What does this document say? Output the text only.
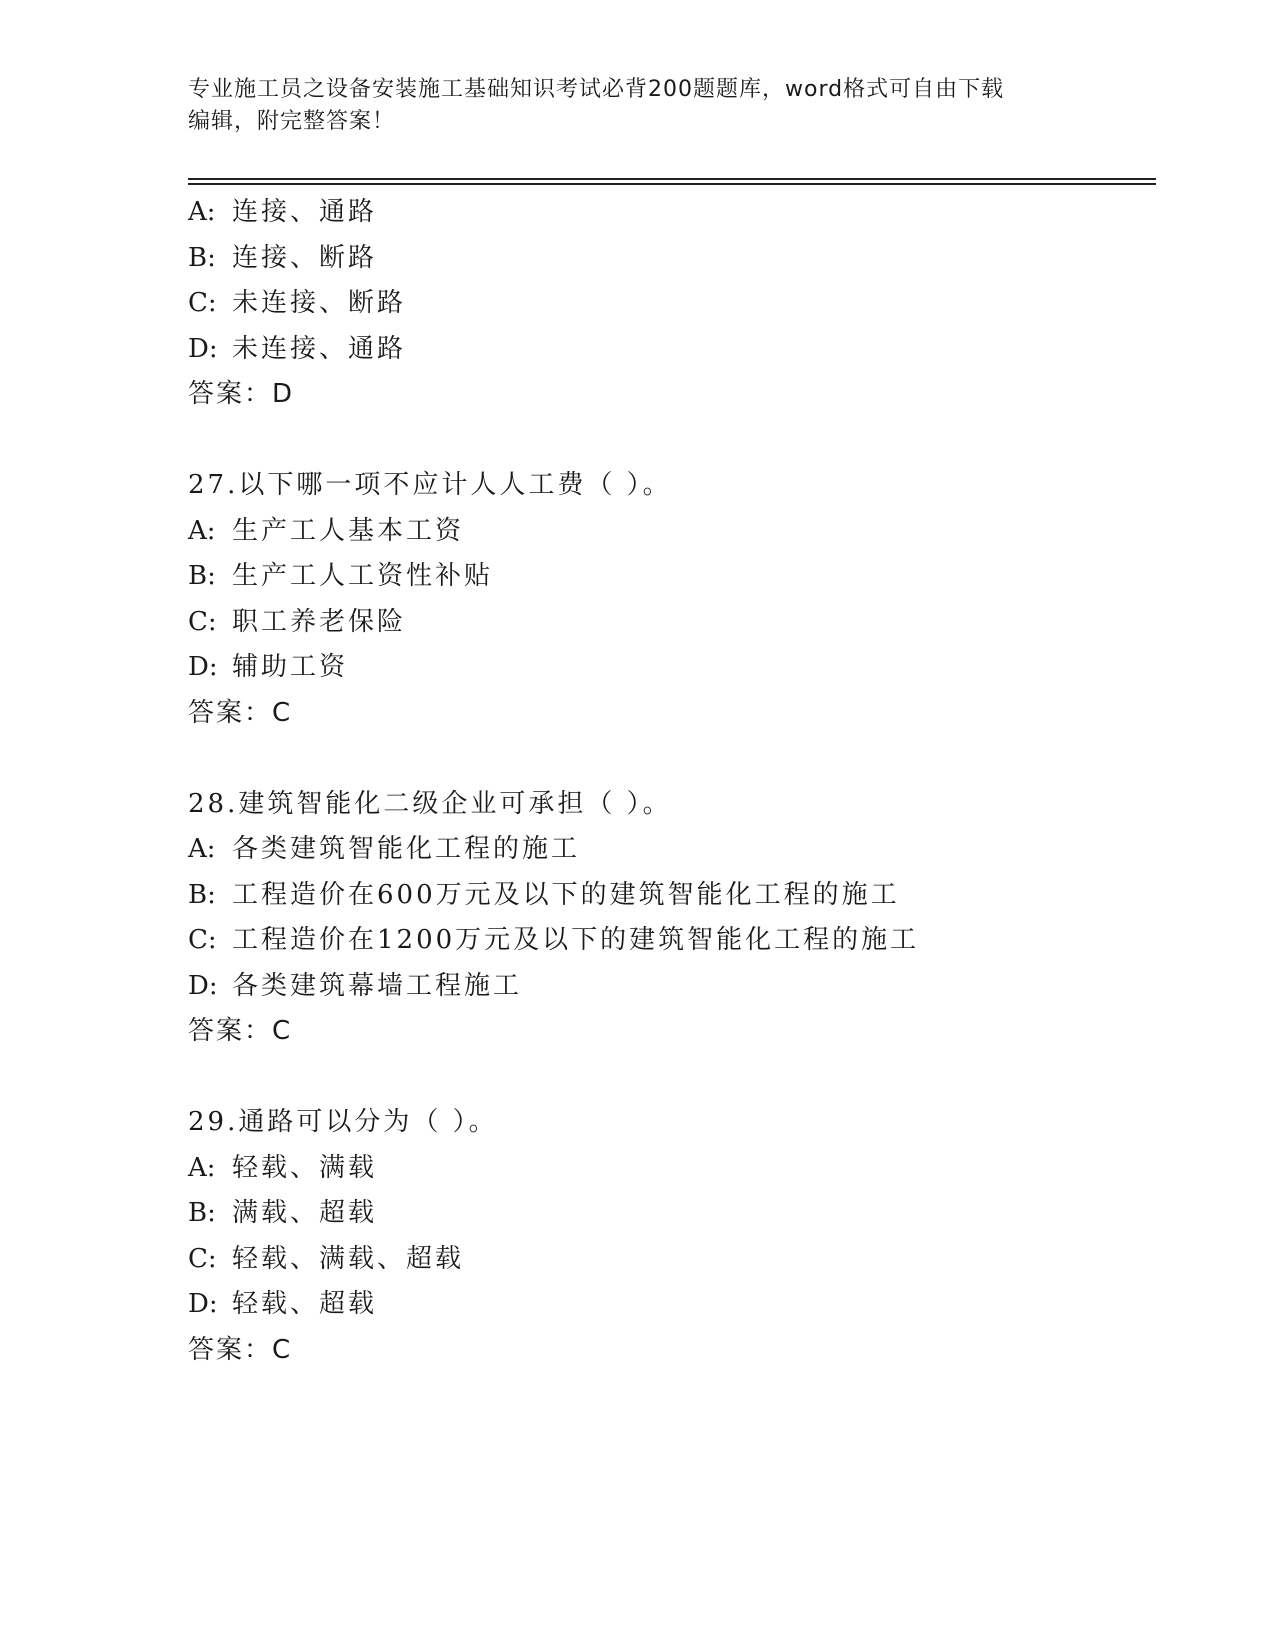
专业施工员之设备安装施工基础知识考试必背200题题库，word格式可自由下载
编辑，附完整答案！
A: 连接、通路
B: 连接、断路
C: 未连接、断路
D: 未连接、通路
答案：D
27.以下哪一项不应计人人工费（ ）。
A: 生产工人基本工资
B: 生产工人工资性补贴
C: 职工养老保险
D: 辅助工资
答案：C
28.建筑智能化二级企业可承担（ ）。
A: 各类建筑智能化工程的施工
B: 工程造价在600万元及以下的建筑智能化工程的施工
C: 工程造价在1200万元及以下的建筑智能化工程的施工
D: 各类建筑幕墙工程施工
答案：C
29.通路可以分为（ ）。
A: 轻载、满载
B: 满载、超载
C: 轻载、满载、超载
D: 轻载、超载
答案：C
